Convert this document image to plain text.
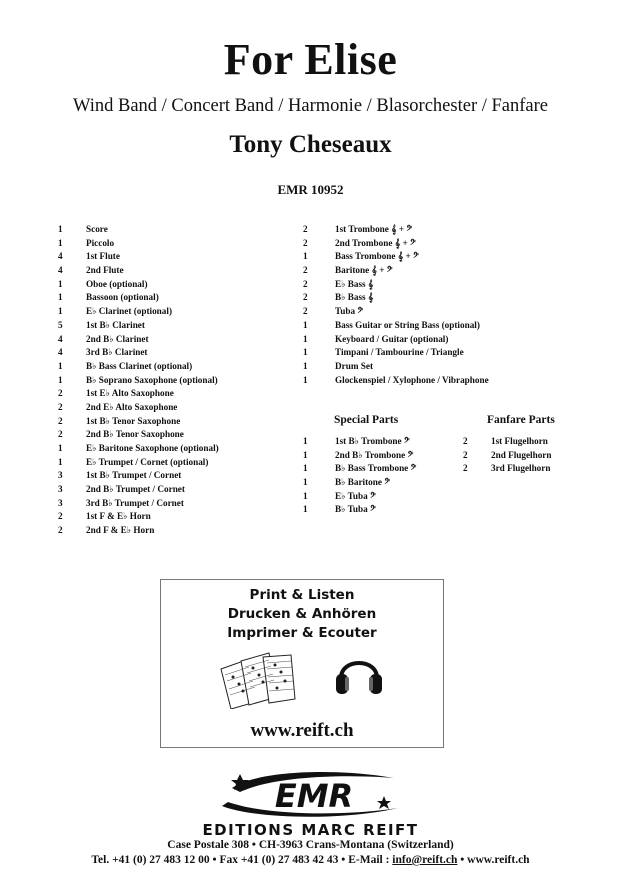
For Elise
Wind Band / Concert Band / Harmonie / Blasorchester / Fanfare
Tony Cheseaux
EMR 10952
1	Score
1	Piccolo
4	1st Flute
4	2nd Flute
1	Oboe (optional)
1	Bassoon (optional)
1	E♭ Clarinet (optional)
5	1st B♭ Clarinet
4	2nd B♭ Clarinet
4	3rd B♭ Clarinet
1	B♭ Bass Clarinet (optional)
1	B♭ Soprano Saxophone (optional)
2	1st E♭ Alto Saxophone
2	2nd E♭ Alto Saxophone
2	1st B♭ Tenor Saxophone
2	2nd B♭ Tenor Saxophone
1	E♭ Baritone Saxophone (optional)
1	E♭ Trumpet / Cornet (optional)
3	1st B♭ Trumpet / Cornet
3	2nd B♭ Trumpet / Cornet
3	3rd B♭ Trumpet / Cornet
2	1st F & E♭ Horn
2	2nd F & E♭ Horn
2	1st Trombone 𝄞 + 𝄢
2	2nd Trombone 𝄞 + 𝄢
1	Bass Trombone 𝄞 + 𝄢
2	Baritone 𝄞 + 𝄢
2	E♭ Bass 𝄞
2	B♭ Bass 𝄞
2	Tuba 𝄢
1	Bass Guitar or String Bass (optional)
1	Keyboard / Guitar (optional)
1	Timpani / Tambourine / Triangle
1	Drum Set
1	Glockenspiel / Xylophone / Vibraphone
Special Parts	Fanfare Parts
1	1st B♭ Trombone 𝄢
1	2nd B♭ Trombone 𝄢
1	B♭ Bass Trombone 𝄢
1	B♭ Baritone 𝄢
1	E♭ Tuba 𝄢
1	B♭ Tuba 𝄢
2	1st Flugelhorn
2	2nd Flugelhorn
2	3rd Flugelhorn
Print & Listen
Drucken & Anhören
Imprimer & Ecouter
www.reift.ch
EMR
EDITIONS MARC REIFT
Case Postale 308 • CH-3963 Crans-Montana (Switzerland)
Tel. +41 (0) 27 483 12 00 • Fax +41 (0) 27 483 42 43 • E-Mail : info@reift.ch • www.reift.ch
